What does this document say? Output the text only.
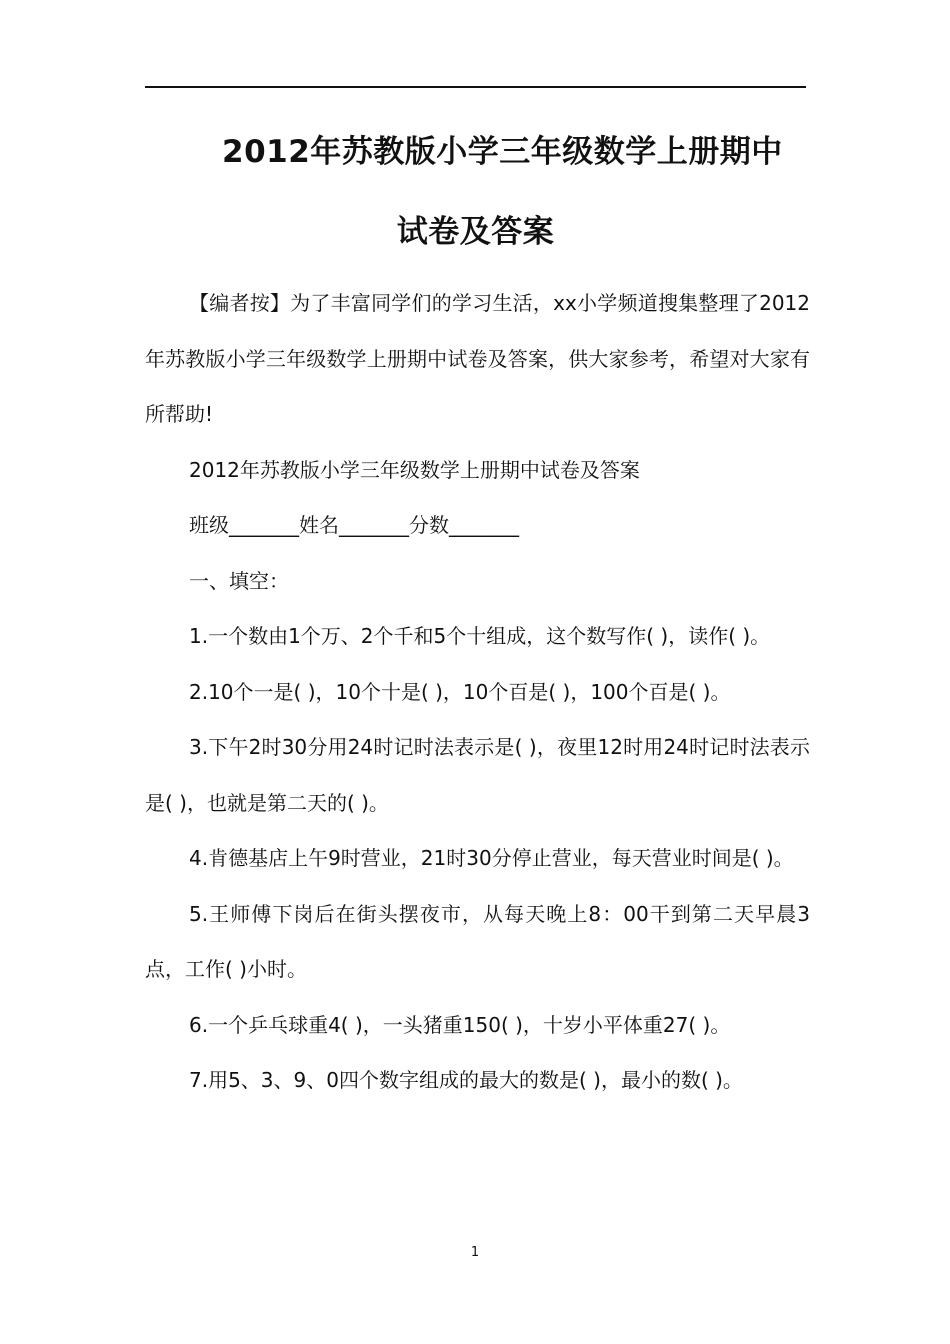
2012年苏教版小学三年级数学上册期中
试卷及答案

【编者按】为了丰富同学们的学习生活，xx小学频道搜集整理了2012年苏教版小学三年级数学上册期中试卷及答案，供大家参考，希望对大家有所帮助!

2012年苏教版小学三年级数学上册期中试卷及答案

班级_______姓名_______分数_______

一、填空：

1.一个数由1个万、2个千和5个十组成，这个数写作( )，读作( )。

2.10个一是( )，10个十是( )，10个百是( )，100个百是( )。

3.下午2时30分用24时记时法表示是( )，夜里12时用24时记时法表示是( )，也就是第二天的( )。

4.肯德基店上午9时营业，21时30分停止营业，每天营业时间是( )。

5.王师傅下岗后在街头摆夜市，从每天晚上8：00干到第二天早晨3点，工作( )小时。

6.一个乒乓球重4( )，一头猪重150( )，十岁小平体重27( )。

7.用5、3、9、0四个数字组成的最大的数是( )，最小的数( )。

1
